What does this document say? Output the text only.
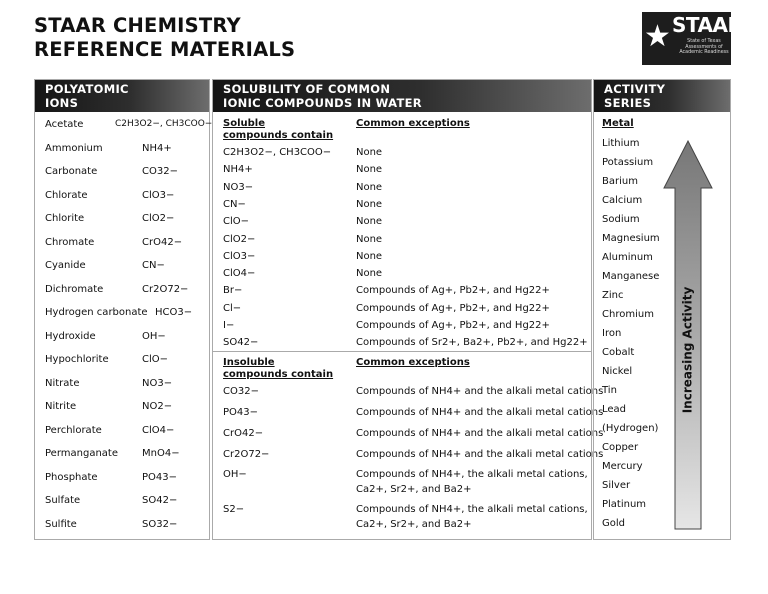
STAAR CHEMISTRY
REFERENCE MATERIALS	★ STAAR
State of Texas
Assessments of
Academic Readiness
POLYATOMIC
IONS
Acetate	C2H3O2−, CH3COO−
Ammonium	NH4+
Carbonate	CO32−
Chlorate	ClO3−
Chlorite	ClO2−
Chromate	CrO42−
Cyanide	CN−
Dichromate	Cr2O72−
Hydrogen carbonate HCO3−
Hydroxide	OH−
Hypochlorite	ClO−
Nitrate	NO3−
Nitrite	NO2−
Perchlorate	ClO4−
Permanganate MnO4−
Phosphate	PO43−
Sulfate	SO42−
Sulfite	SO32−
SOLUBILITY OF COMMON
IONIC COMPOUNDS IN WATER
Soluble
compounds contain
Common exceptions
C2H3O2−, CH3COO− None
NH4+	None
NO3−	None
CN−	None
ClO−	None
ClO2−	None
ClO3−	None
ClO4−	None
Br−	Compounds of Ag+, Pb2+, and Hg22+
Cl−	Compounds of Ag+, Pb2+, and Hg22+
I−	Compounds of Ag+, Pb2+, and Hg22+
SO42−	Compounds of Sr2+, Ba2+, Pb2+, and Hg22+
Insoluble
compounds contain
Common exceptions
CO32−	Compounds of NH4+ and the alkali metal cations
PO43−	Compounds of NH4+ and the alkali metal cations
CrO42−	Compounds of NH4+ and the alkali metal cations
Cr2O72−	Compounds of NH4+ and the alkali metal cations
OH−	Compounds of NH4+, the alkali metal cations,
Ca2+, Sr2+, and Ba2+
S2−	Compounds of NH4+, the alkali metal cations,
Ca2+, Sr2+, and Ba2+
ACTIVITY
SERIES
Metal
Lithium
Potassium
Barium
Calcium
Sodium
Magnesium
Aluminum
Manganese
Zinc
Chromium
Iron
Cobalt
Nickel
Tin
Lead
(Hydrogen)
Copper
Mercury
Silver
Platinum
Gold
Increasing Activity
